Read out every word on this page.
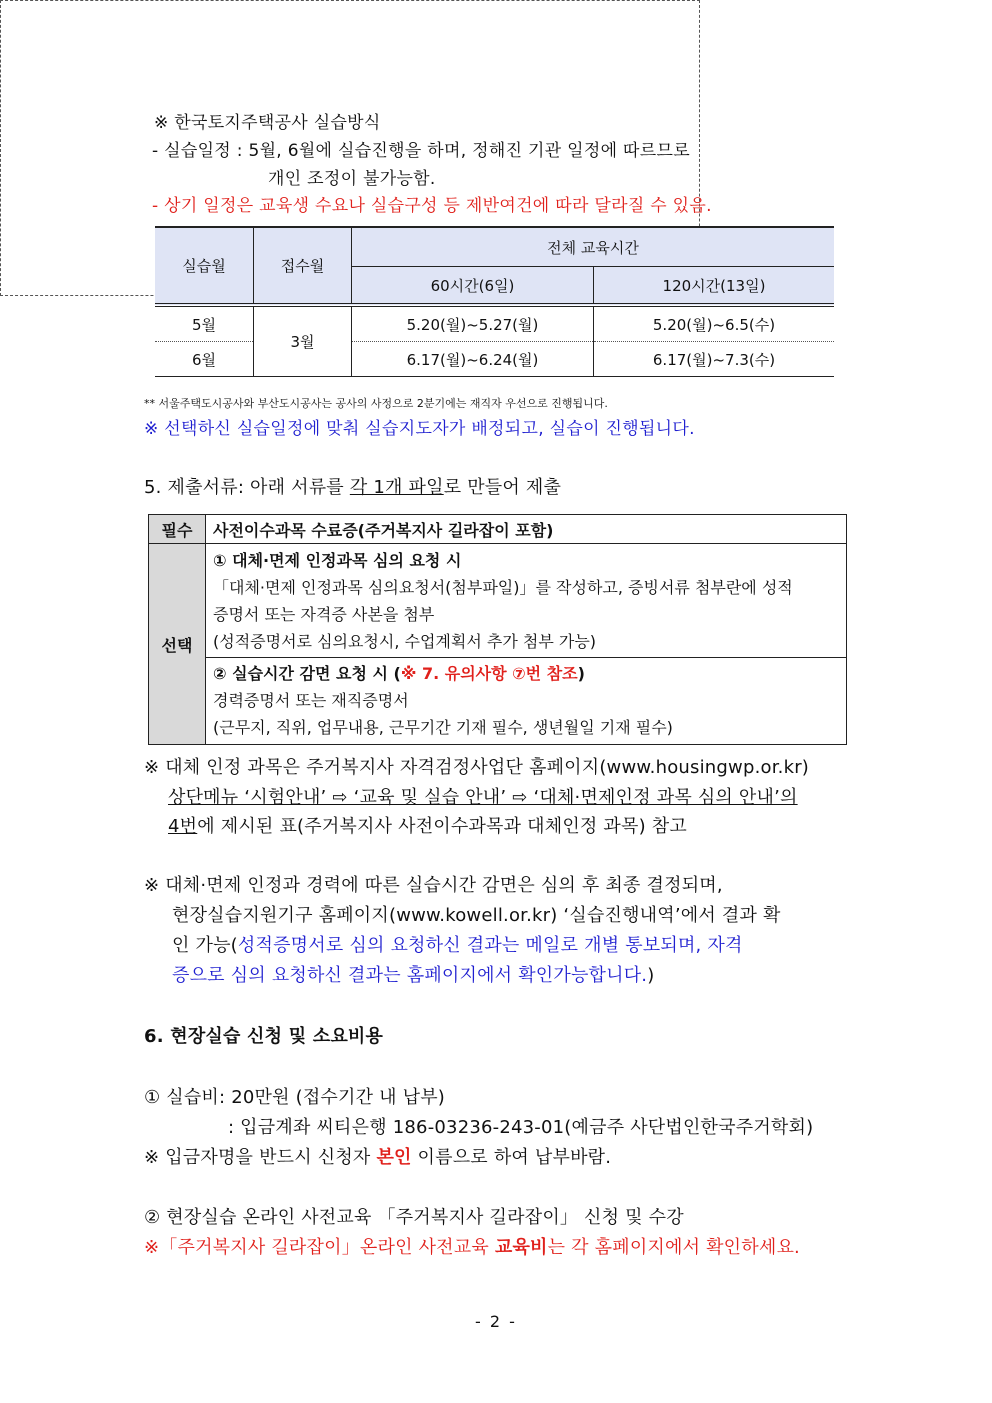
※ 한국토지주택공사 실습방식
- 실습일정 : 5월, 6월에 실습진행을 하며, 정해진 기관 일정에 따르므로
개인 조정이 불가능함.
- 상기 일정은 교육생 수요나 실습구성 등 제반여건에 따라 달라질 수 있음.
실습월	접수월	전체 교육시간	
		60시간(6일)	120시간(13일)
5월	3월	5.20(월)~5.27(월)	5.20(월)~6.5(수)
6월		6.17(월)~6.24(월)	6.17(월)~7.3(수)
** 서울주택도시공사와 부산도시공사는 공사의 사정으로 2분기에는 재직자 우선으로 진행됩니다.
※ 선택하신 실습일정에 맞춰 실습지도자가 배정되고, 실습이 진행됩니다.
5. 제출서류: 아래 서류를 각 1개 파일로 만들어 제출
필수	사전이수과목 수료증(주거복지사 길라잡이 포함)
선택	① 대체·면제 인정과목 심의 요청 시
「대체·면제 인정과목 심의요청서(첨부파일)」를 작성하고, 증빙서류 첨부란에 성적
증명서 또는 자격증 사본을 첨부
(성적증명서로 심의요청시, 수업계획서 추가 첨부 가능)

	② 실습시간 감면 요청 시 (※ 7. 유의사항 ⑦번 참조)
경력증명서 또는 재직증명서
(근무지, 직위, 업무내용, 근무기간 기재 필수, 생년월일 기재 필수)
※ 대체 인정 과목은 주거복지사 자격검정사업단 홈페이지(www.housingwp.or.kr)
상단메뉴 ‘시험안내’ ⇨ ‘교육 및 실습 안내’ ⇨ ‘대체·면제인정 과목 심의 안내’의
4번에 제시된 표(주거복지사 사전이수과목과 대체인정 과목) 참고
※ 대체·면제 인정과 경력에 따른 실습시간 감면은 심의 후 최종 결정되며,
현장실습지원기구 홈페이지(www.kowell.or.kr) ‘실습진행내역’에서 결과 확
인 가능(성적증명서로 심의 요청하신 결과는 메일로 개별 통보되며, 자격
증으로 심의 요청하신 결과는 홈페이지에서 확인가능합니다.)
6. 현장실습 신청 및 소요비용
① 실습비: 20만원 (접수기간 내 납부)
: 입금계좌 씨티은행 186-03236-243-01(예금주 사단법인한국주거학회)
※ 입금자명을 반드시 신청자 본인 이름으로 하여 납부바람.
② 현장실습 온라인 사전교육 「주거복지사 길라잡이」 신청 및 수강
※「주거복지사 길라잡이」온라인 사전교육 교육비는 각 홈페이지에서 확인하세요.
- 2 -
